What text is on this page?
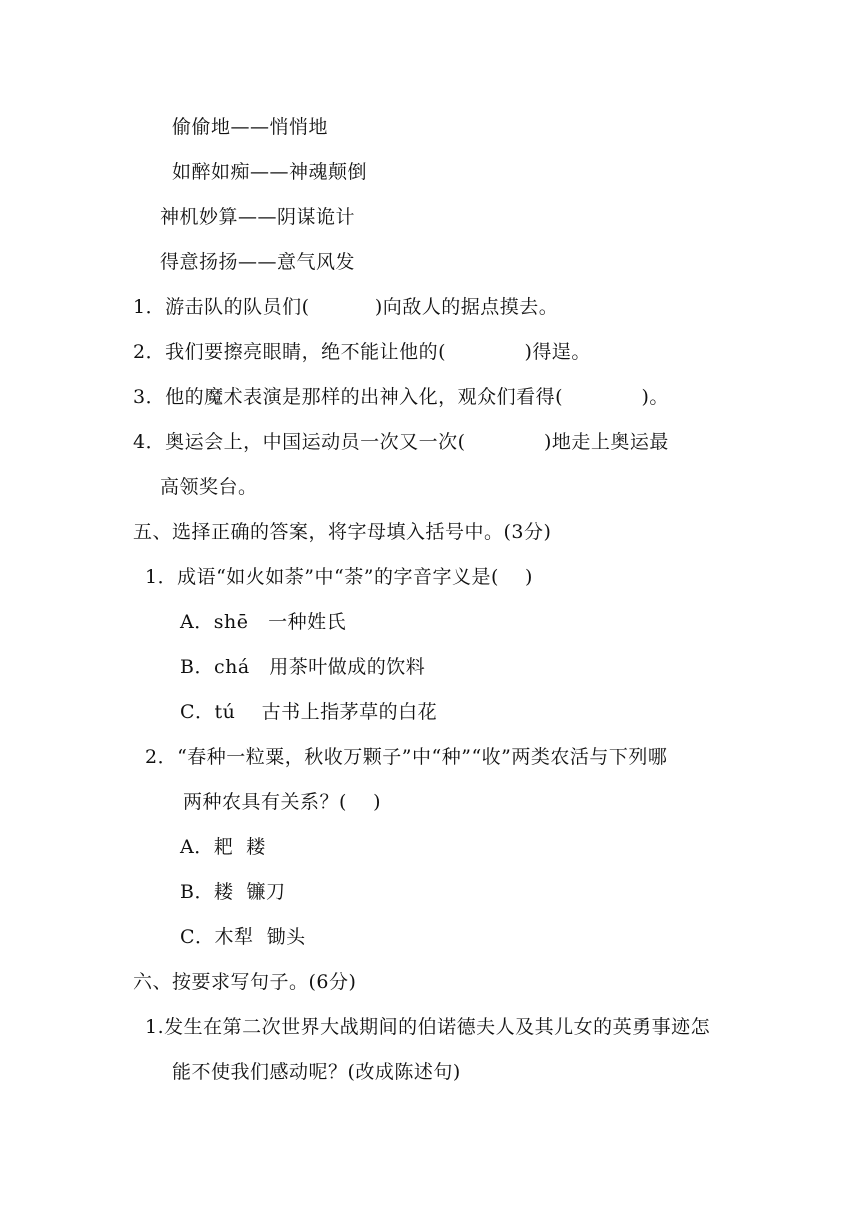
偷偷地——悄悄地
如醉如痴——神魂颠倒
神机妙算——阴谋诡计
得意扬扬——意气风发
1．游击队的队员们(          )向敌人的据点摸去。
2．我们要擦亮眼睛，绝不能让他的(            )得逞。
3．他的魔术表演是那样的出神入化，观众们看得(            )。
4．奥运会上，中国运动员一次又一次(            )地走上奥运最
高领奖台。
五、选择正确的答案，将字母填入括号中。(3分)
1．成语“如火如荼”中“荼”的字音字义是(    )
A．shē   一种姓氏
B．chá   用茶叶做成的饮料
C．tú    古书上指茅草的白花
2．“春种一粒粟，秋收万颗子”中“种”“收”两类农活与下列哪
两种农具有关系？(    )
A．耙  耧
B．耧  镰刀
C．木犁  锄头
六、按要求写句子。(6分)
1.发生在第二次世界大战期间的伯诺德夫人及其儿女的英勇事迹怎
能不使我们感动呢？(改成陈述句)
